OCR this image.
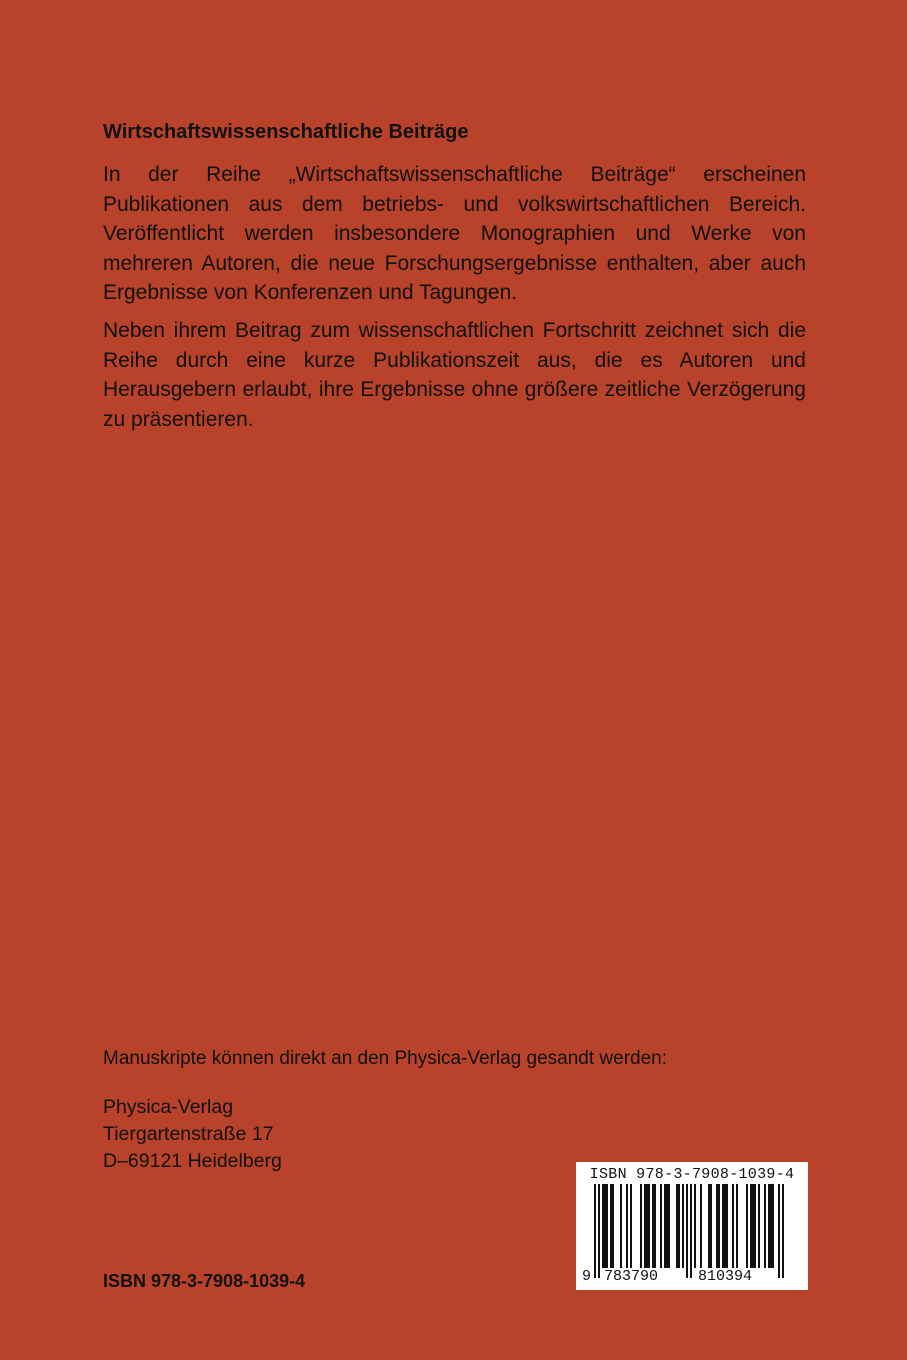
Wirtschaftswissenschaftliche Beiträge

In der Reihe „Wirtschaftswissenschaftliche Beiträge“ erscheinen Publikationen aus dem betriebs- und volkswirtschaftlichen Bereich. Veröffentlicht werden insbesondere Monographien und Werke von mehreren Autoren, die neue Forschungsergebnisse enthalten, aber auch Ergebnisse von Konferenzen und Tagungen.

Neben ihrem Beitrag zum wissenschaftlichen Fortschritt zeichnet sich die Reihe durch eine kurze Publikationszeit aus, die es Autoren und Herausgebern erlaubt, ihre Ergebnisse ohne größere zeitliche Verzögerung zu präsentieren.

Manuskripte können direkt an den Physica-Verlag gesandt werden:

Physica-Verlag
Tiergartenstraße 17
D–69121 Heidelberg
ISBN 978-3-7908-1039-4
ISBN 978-3-7908-1039-4
9 783790	810394
